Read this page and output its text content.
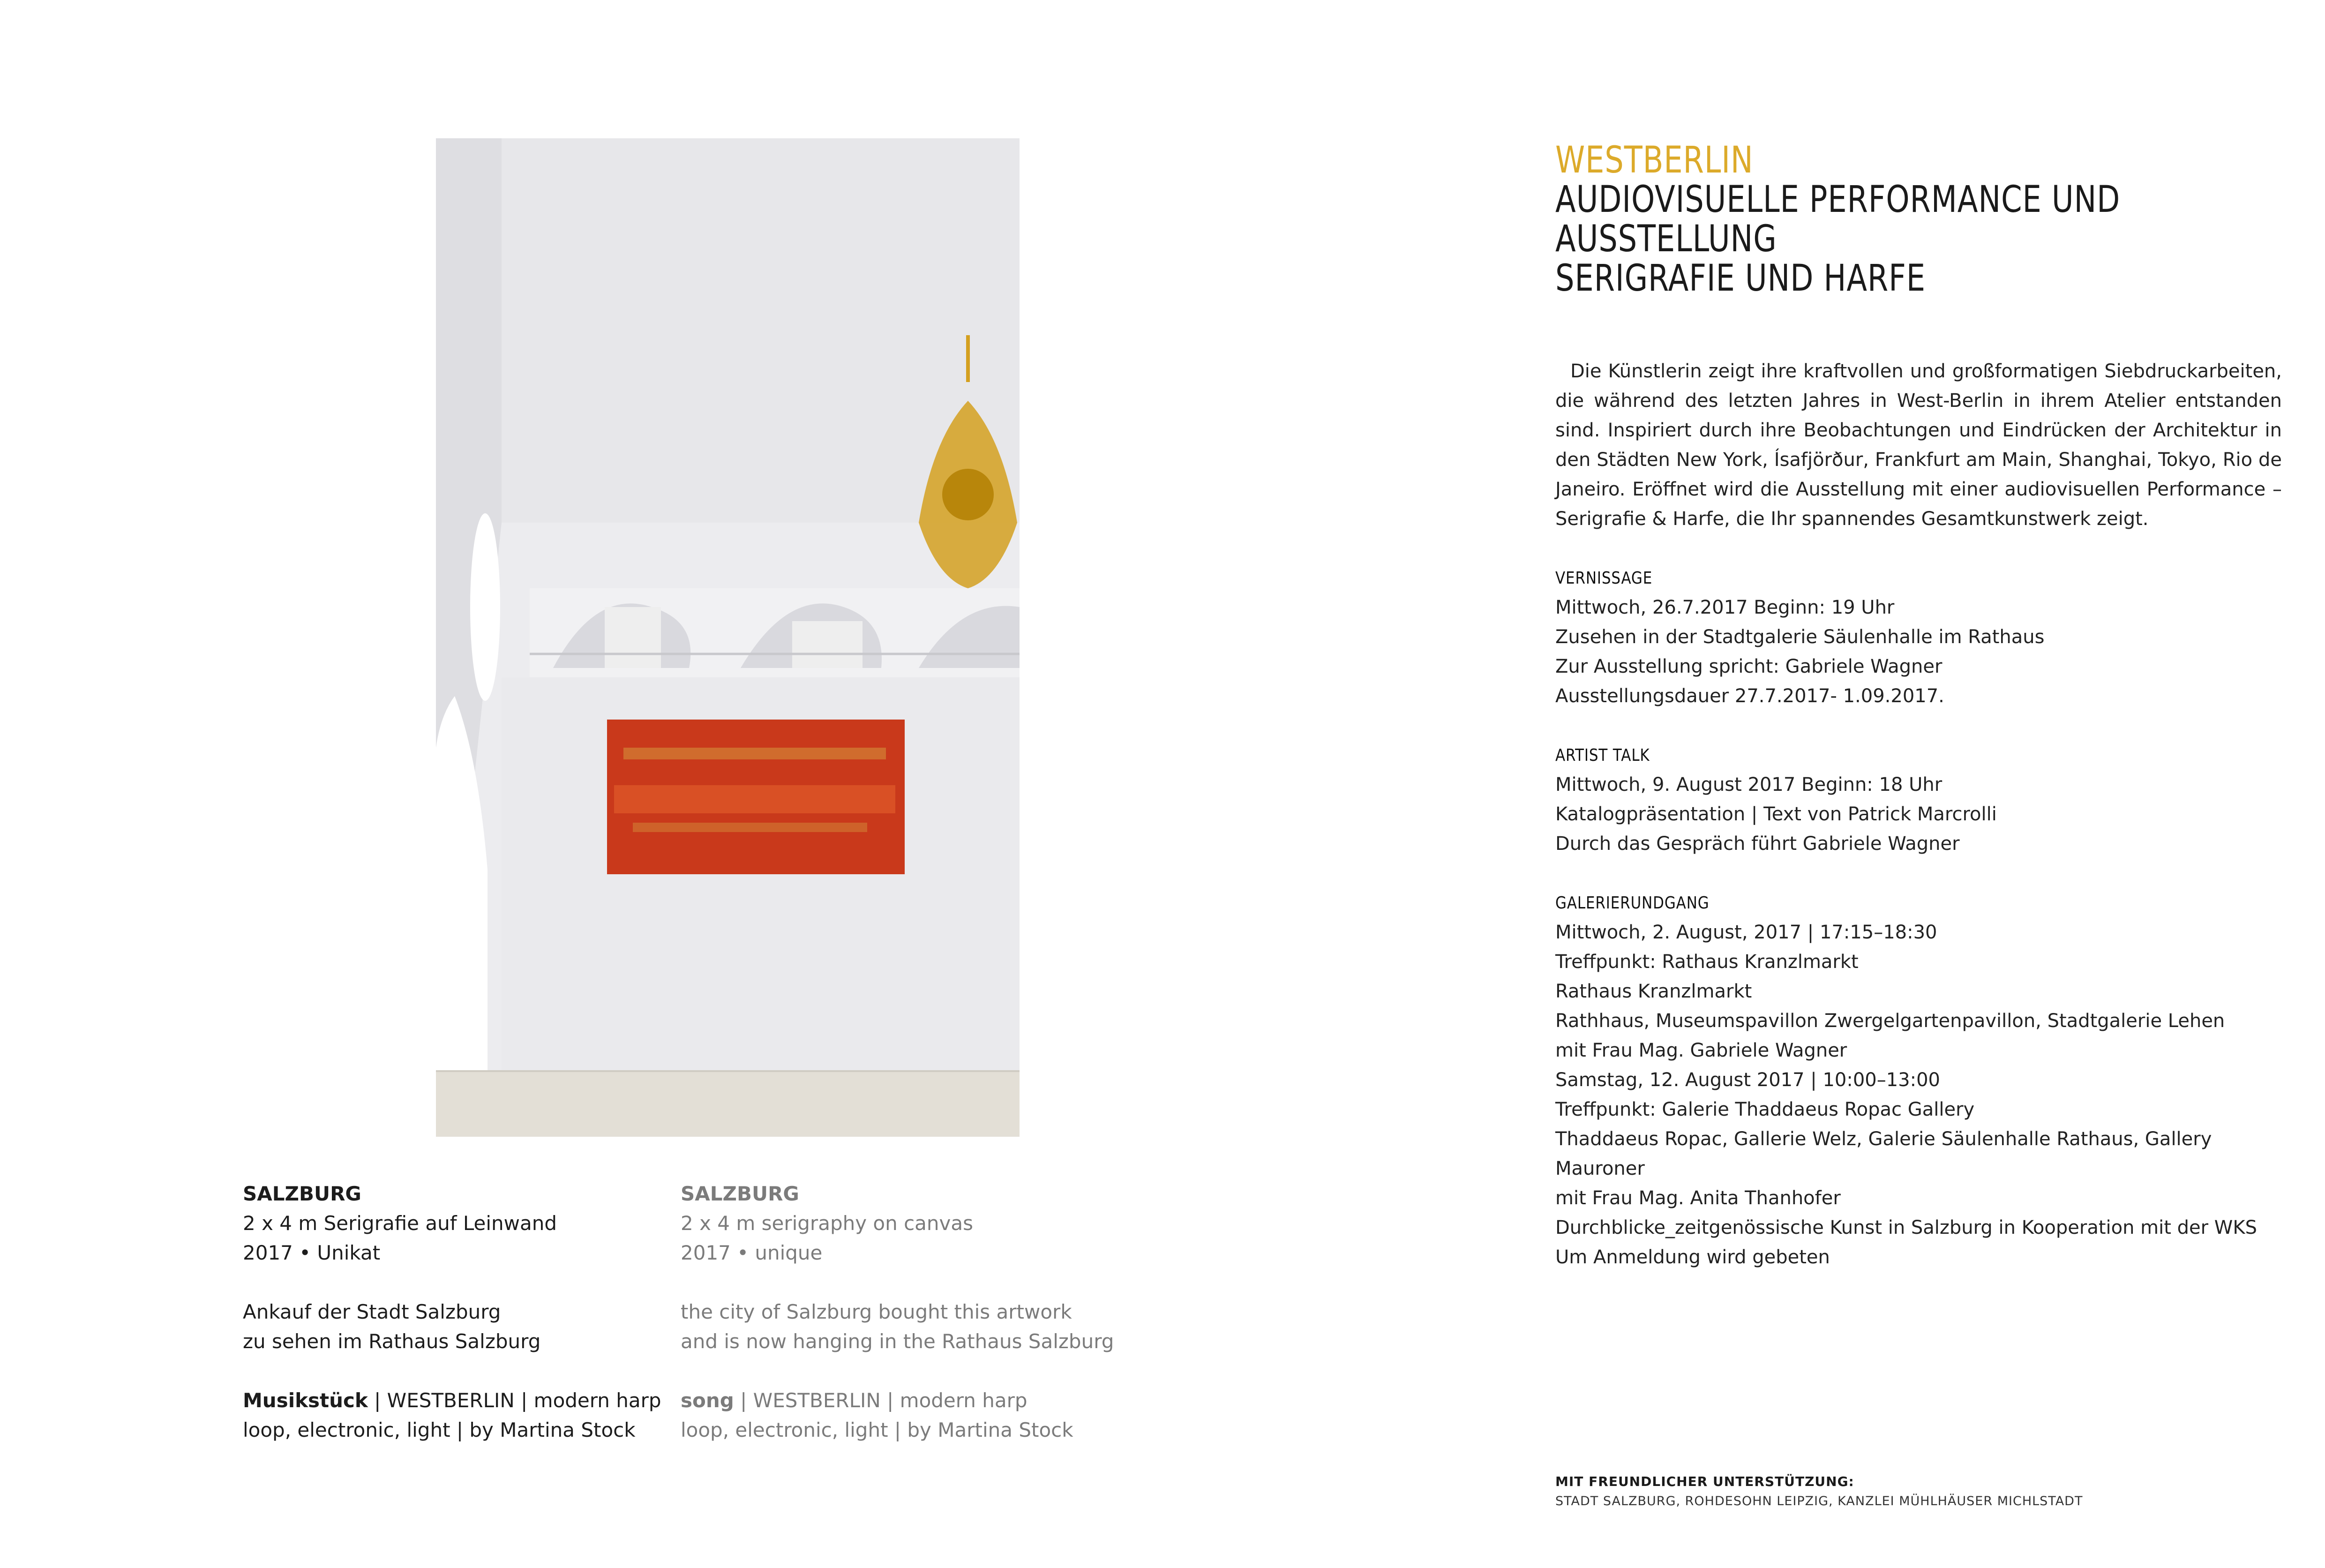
SALZBURG

2 x 4 m Serigrafie auf Leinwand

2017 • Unikat

Ankauf der Stadt Salzburg

zu sehen im Rathaus Salzburg

Musikstück | WESTBERLIN | modern harp

loop, electronic, light | by Martina Stock

SALZBURG

2 x 4 m serigraphy on canvas

2017 • unique

the city of Salzburg bought this artwork

and is now hanging in the Rathaus Salzburg

song | WESTBERLIN | modern harp

loop, electronic, light | by Martina Stock

WESTBERLIN
AUDIOVISUELLE PERFORMANCE UND AUSSTELLUNG
SERIGRAFIE UND HARFE

Die Künstlerin zeigt ihre kraftvollen und großformatigen Siebdruckarbeiten, die während des letzten Jahres in West-Berlin in ihrem Atelier entstanden sind. Inspiriert durch ihre Beobachtungen und Eindrücken der Architektur in den Städten New York, Ísafjörður, Frankfurt am Main, Shanghai, Tokyo, Rio de Janeiro. Eröffnet wird die Ausstellung mit einer audiovisuellen Performance –Serigrafie & Harfe, die Ihr spannendes Gesamtkunstwerk zeigt.

VERNISSAGE

Mittwoch, 26.7.2017 Beginn: 19 Uhr

Zusehen in der Stadtgalerie Säulenhalle im Rathaus

Zur Ausstellung spricht: Gabriele Wagner

Ausstellungsdauer 27.7.2017- 1.09.2017.

ARTIST TALK

Mittwoch, 9. August 2017 Beginn: 18 Uhr

Katalogpräsentation | Text von Patrick Marcrolli

Durch das Gespräch führt Gabriele Wagner

GALERIERUNDGANG

Mittwoch, 2. August, 2017 | 17:15–18:30

Treffpunkt: Rathaus Kranzlmarkt

Rathaus Kranzlmarkt

Rathhaus, Museumspavillon Zwergelgartenpavillon, Stadtgalerie Lehen

mit Frau Mag. Gabriele Wagner

Samstag, 12. August 2017 | 10:00–13:00

Treffpunkt: Galerie Thaddaeus Ropac Gallery

Thaddaeus Ropac, Gallerie Welz, Galerie Säulenhalle Rathaus, Gallery Mauroner

mit Frau Mag. Anita Thanhofer

Durchblicke_zeitgenössische Kunst in Salzburg in Kooperation mit der WKS

Um Anmeldung wird gebeten

MIT FREUNDLICHER UNTERSTÜTZUNG:
STADT SALZBURG, ROHDESOHN LEIPZIG, KANZLEI MÜHLHÄUSER MICHLSTADT
